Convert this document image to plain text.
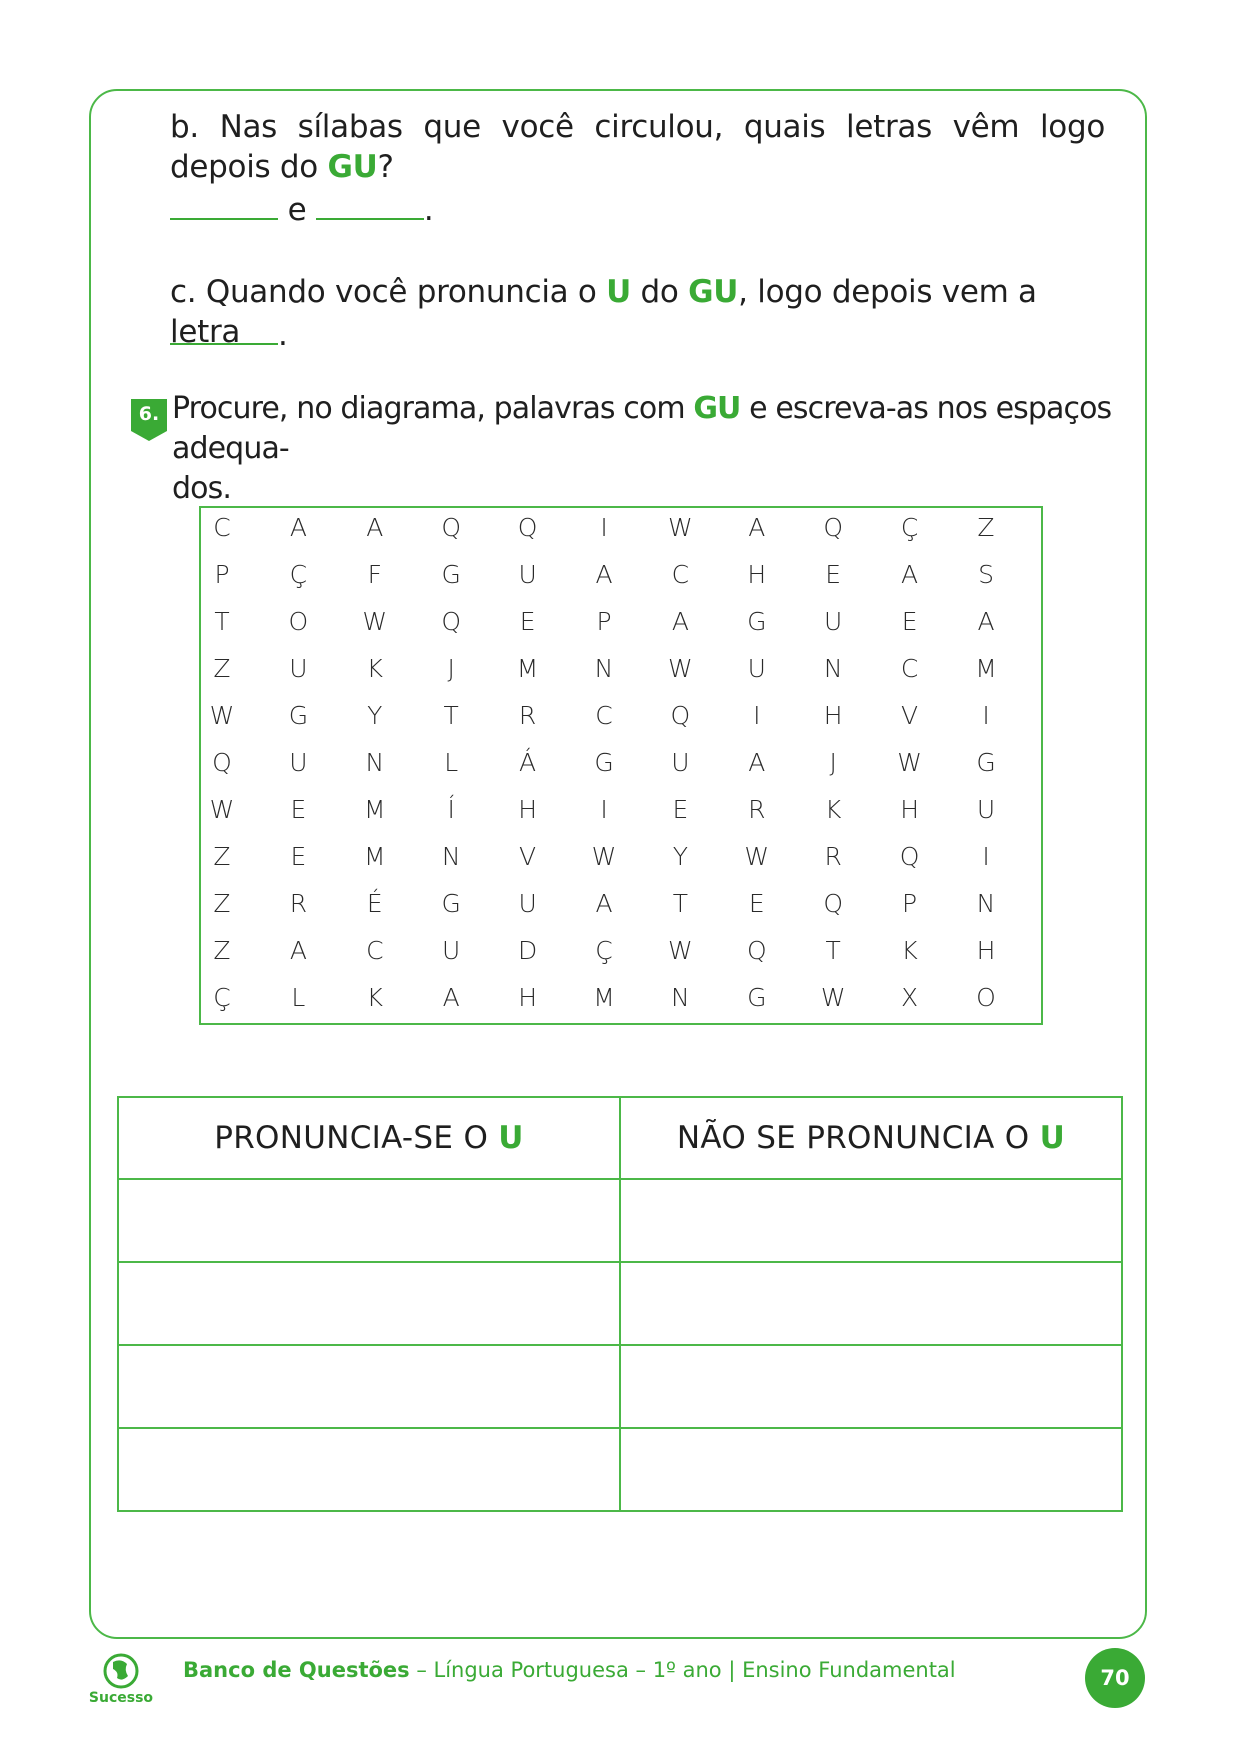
b. Nas sílabas que você circulou, quais letras vêm logo depois do GU?
e	.
c. Quando você pronuncia o U do GU, logo depois vem a letra	.
6. Procure, no diagrama, palavras com GU e escreva-as nos espaços adequa-
dos.
C	A	A	Q	Q	I	W	A	Q	Ç	Z
P	Ç	F	G	U	A	C	H	E	A	S
T	O	W	Q	E	P	A	G	U	E	A
Z	U	K	J	M	N	W	U	N	C	M
W	G	Y	T	R	C	Q	I	H	V	I
Q	U	N	L	Á	G	U	A	J	W	G
W	E	M	Í	H	I	E	R	K	H	U
Z	E	M	N	V	W	Y	W	R	Q	I
Z	R	É	G	U	A	T	E	Q	P	N
Z	A	C	U	D	Ç	W	Q	T	K	H
Ç	L	K	A	H	M	N	G	W	X	O
PRONUNCIA-SE O U	NÃO SE PRONUNCIA O U
Sucesso
Banco de Questões – Língua Portuguesa – 1º ano | Ensino Fundamental	70
